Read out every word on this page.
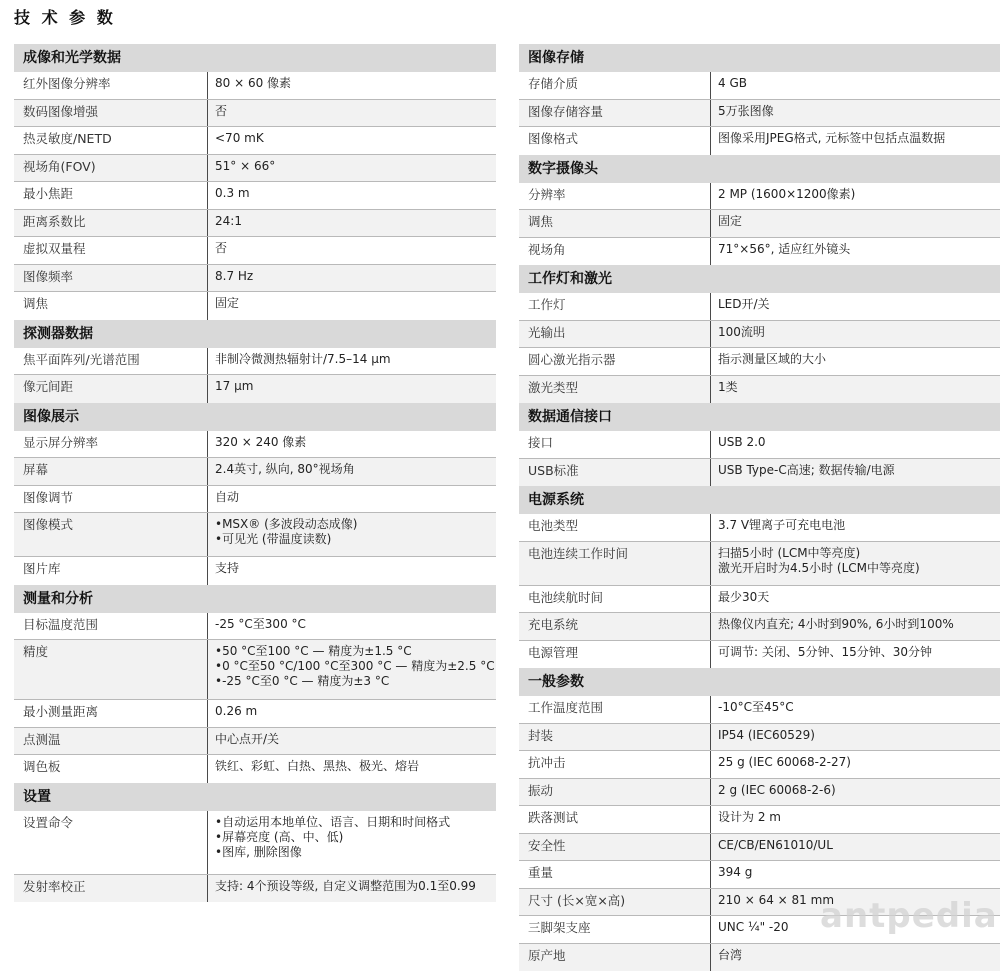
技 术 参 数
成像和光学数据
红外图像分辨率	80 × 60 像素
数码图像增强	否
热灵敏度/NETD	<70 mK
视场角(FOV)	51° × 66°
最小焦距	0.3 m
距离系数比	24:1
虚拟双量程	否
图像频率	8.7 Hz
调焦	固定
探测器数据
焦平面阵列/光谱范围	非制冷微测热辐射计/7.5–14 µm
像元间距	17 µm
图像展示
显示屏分辨率	320 × 240 像素
屏幕	2.4英寸, 纵向, 80°视场角
图像调节	自动
图像模式	•MSX® (多波段动态成像)
•可见光 (带温度读数)
图片库	支持
测量和分析
目标温度范围	-25 °C至300 °C
精度	•50 °C至100 °C — 精度为±1.5 °C
•0 °C至50 °C/100 °C至300 °C — 精度为±2.5 °C
•-25 °C至0 °C — 精度为±3 °C
最小测量距离	0.26 m
点测温	中心点开/关
调色板	铁红、彩虹、白热、黑热、极光、熔岩
设置
设置命令	•自动运用本地单位、语言、日期和时间格式
•屏幕亮度 (高、中、低)
•图库, 删除图像
发射率校正	支持: 4个预设等级, 自定义调整范围为0.1至0.99
图像存储
存储介质	4 GB
图像存储容量	5万张图像
图像格式	图像采用JPEG格式, 元标签中包括点温数据
数字摄像头
分辨率	2 MP (1600×1200像素)
调焦	固定
视场角	71°×56°, 适应红外镜头
工作灯和激光
工作灯	LED开/关
光输出	100流明
圆心激光指示器	指示测量区域的大小
激光类型	1类
数据通信接口
接口	USB 2.0
USB标准	USB Type-C高速; 数据传输/电源
电源系统
电池类型	3.7 V锂离子可充电电池
电池连续工作时间	扫描5小时 (LCM中等亮度)
激光开启时为4.5小时 (LCM中等亮度)
电池续航时间	最少30天
充电系统	热像仪内直充; 4小时到90%, 6小时到100%
电源管理	可调节: 关闭、5分钟、15分钟、30分钟
一般参数
工作温度范围	-10°C至45°C
封装	IP54 (IEC60529)
抗冲击	25 g (IEC 60068-2-27)
振动	2 g (IEC 60068-2-6)
跌落测试	设计为 2 m
安全性	CE/CB/EN61010/UL
重量	394 g
尺寸 (长×宽×高)	210 × 64 × 81 mm
三脚架支座	UNC ¼" -20
原产地	台湾
antpedia
